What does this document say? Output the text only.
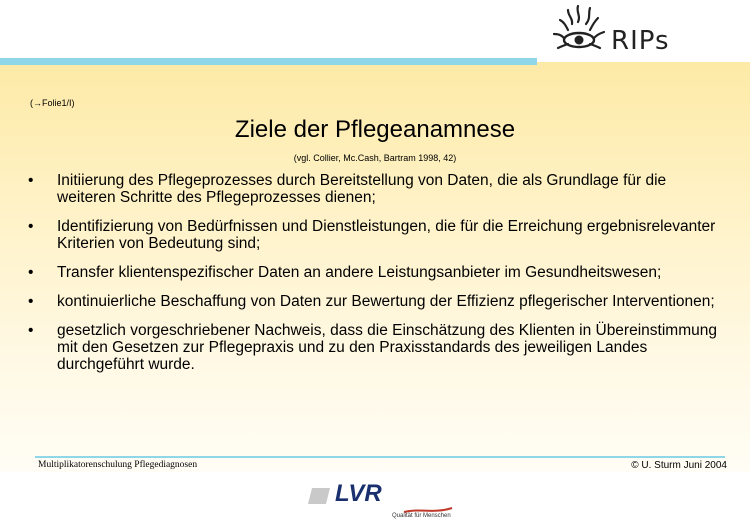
RIPs
(→Folie1/I)
Ziele der Pflegeanamnese
(vgl. Collier, Mc.Cash, Bartram 1998, 42)
• Initiierung des Pflegeprozesses durch Bereitstellung von Daten, die als Grundlage für die weiteren Schritte des Pflegeprozesses dienen;
• Identifizierung von Bedürfnissen und Dienstleistungen, die für die Erreichung ergebnisrelevanter Kriterien von Bedeutung sind;
• Transfer klientenspezifischer Daten an andere Leistungsanbieter im Gesundheitswesen;
• kontinuierliche Beschaffung von Daten zur Bewertung der Effizienz pflegerischer Interventionen;
• gesetzlich vorgeschriebener Nachweis, dass die Einschätzung des Klienten in Übereinstimmung mit den Gesetzen zur Pflegepraxis und zu den Praxisstandards des jeweiligen Landes durchgeführt wurde.
Multiplikatorenschulung Pflegediagnosen	© U. Sturm Juni 2004
LVR
Qualität für Menschen
